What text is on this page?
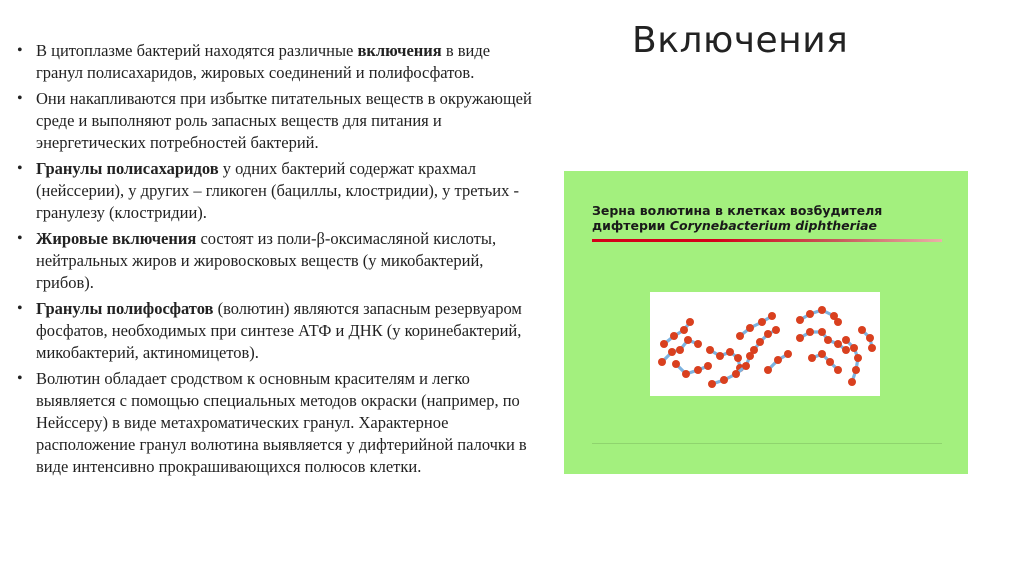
Включения
• В цитоплазме бактерий находятся различные включения в виде гранул полисахаридов, жировых соединений и полифосфатов.
• Они накапливаются при избытке питательных веществ в окружающей среде и выполняют роль запасных веществ для питания и энергетических потребностей бактерий.
• Гранулы полисахаридов у одних бактерий содержат крахмал (нейссерии), у других – гликоген (бациллы, клостридии), у третьих - гранулезу (клостридии).
• Жировые включения состоят из поли-β-оксимасляной кислоты, нейтральных жиров и жировосковых веществ (у микобактерий, грибов).
• Гранулы полифосфатов (волютин) являются запасным резервуаром фосфатов, необходимых при синтезе АТФ и ДНК (у коринебактерий, микобактерий, актиномицетов).
• Волютин обладает сродством к основным красителям и легко выявляется с помощью специальных методов окраски (например, по Нейссеру) в виде метахроматических гранул. Характерное расположение гранул волютина выявляется у дифтерийной палочки в виде интенсивно прокрашивающихся полюсов клетки.
Зерна волютина в клетках возбудителя дифтерии Corynebacterium diphtheriae
